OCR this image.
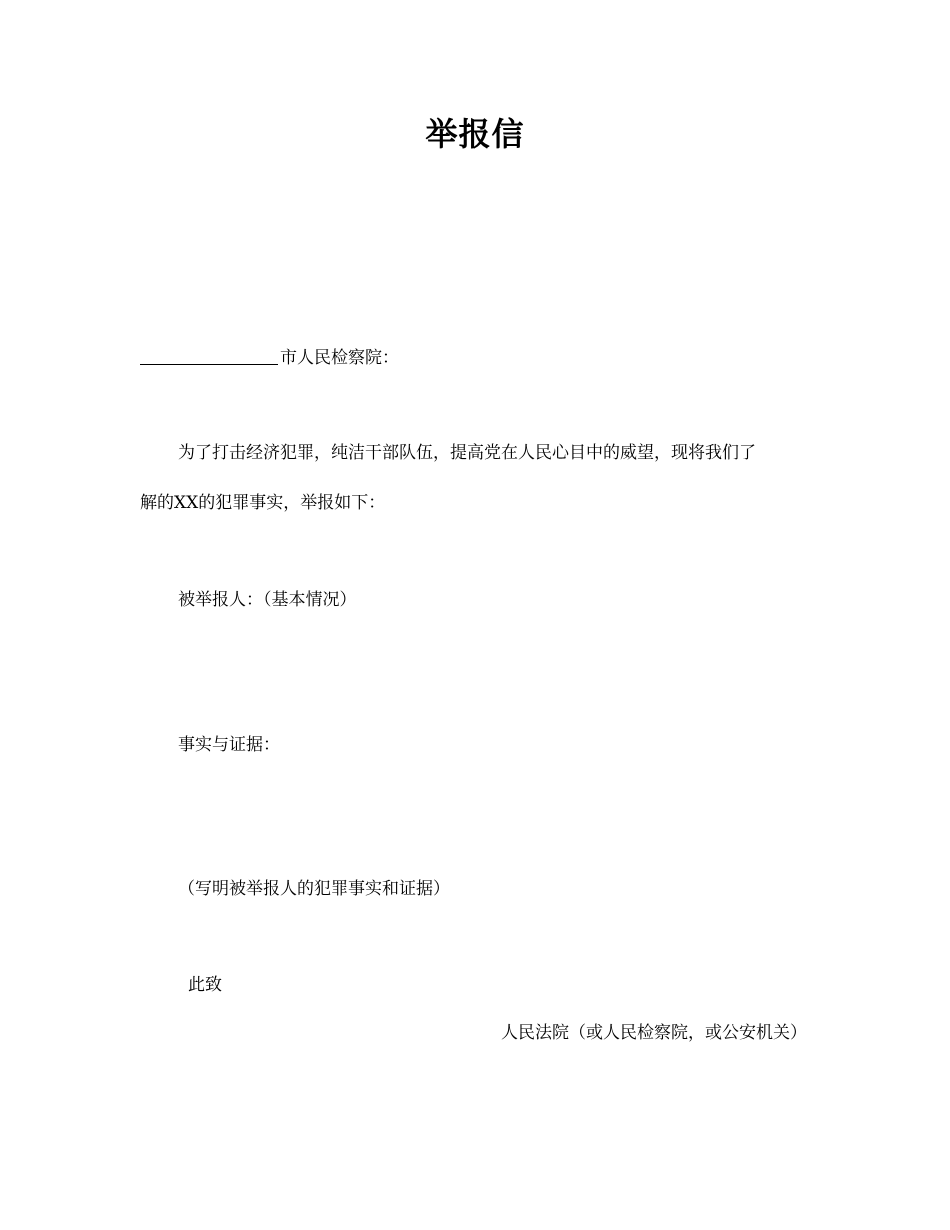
举报信
市人民检察院：
为了打击经济犯罪，纯洁干部队伍，提高党在人民心目中的威望，现将我们了
解的XX的犯罪事实，举报如下：
被举报人：（基本情况）
事实与证据：
（写明被举报人的犯罪事实和证据）
此致
人民法院（或人民检察院，或公安机关）
